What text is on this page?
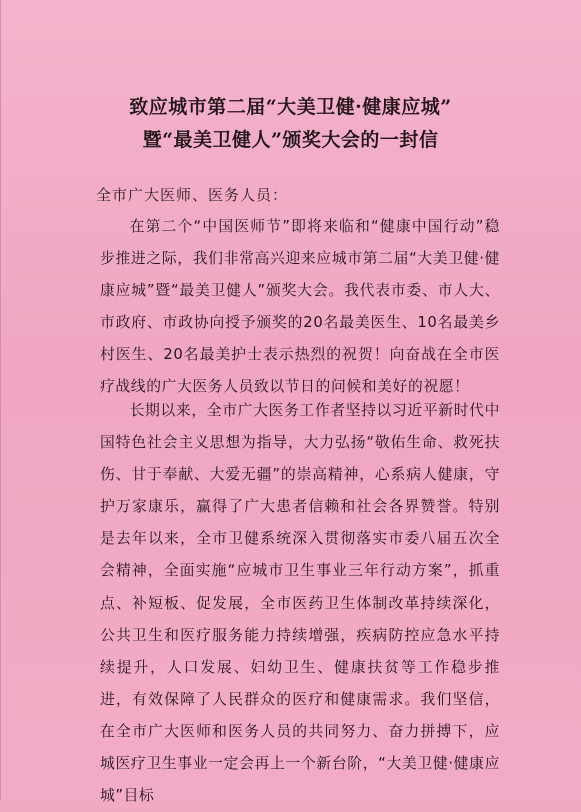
致应城市第二届“大美卫健·健康应城”
暨“最美卫健人”颁奖大会的一封信
全市广大医师、医务人员：
在第二个“中国医师节”即将来临和“健康中国行动”稳步推进之际，我们非常高兴迎来应城市第二届“大美卫健·健康应城”暨“最美卫健人”颁奖大会。我代表市委、市人大、市政府、市政协向授予颁奖的20名最美医生、10名最美乡村医生、20名最美护士表示热烈的祝贺！向奋战在全市医疗战线的广大医务人员致以节日的问候和美好的祝愿！
长期以来，全市广大医务工作者坚持以习近平新时代中国特色社会主义思想为指导，大力弘扬“敬佑生命、救死扶伤、甘于奉献、大爱无疆”的崇高精神，心系病人健康，守护万家康乐，赢得了广大患者信赖和社会各界赞誉。特别是去年以来，全市卫健系统深入贯彻落实市委八届五次全会精神，全面实施“应城市卫生事业三年行动方案”，抓重点、补短板、促发展，全市医药卫生体制改革持续深化，公共卫生和医疗服务能力持续增强，疾病防控应急水平持续提升，人口发展、妇幼卫生、健康扶贫等工作稳步推进，有效保障了人民群众的医疗和健康需求。我们坚信，在全市广大医师和医务人员的共同努力、奋力拼搏下，应城医疗卫生事业一定会再上一个新台阶，“大美卫健·健康应城”目标
